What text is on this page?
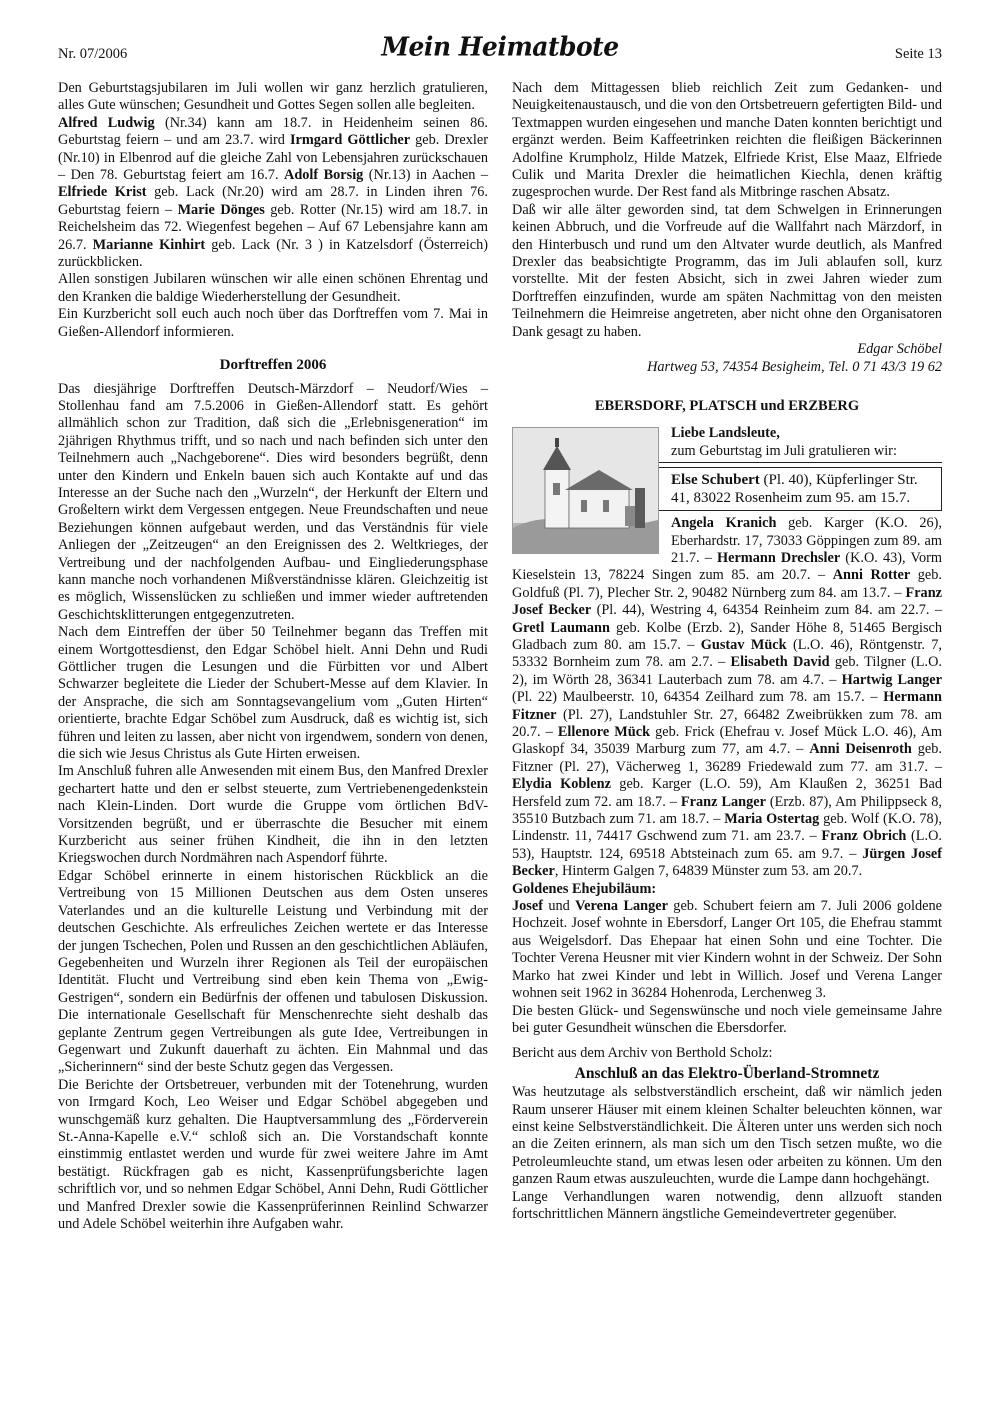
Nr. 07/2006	Mein Heimatbote	Seite 13

Den Geburtstagsjubilaren im Juli wollen wir ganz herzlich gratulieren, alles Gute wünschen; Gesundheit und Gottes Segen sollen alle begleiten.

Alfred Ludwig (Nr.34) kann am 18.7. in Heidenheim seinen 86. Geburtstag feiern – und am 23.7. wird Irmgard Göttlicher geb. Drexler (Nr.10) in Elbenrod auf die gleiche Zahl von Lebensjahren zurückschauen – Den 78. Geburtstag feiert am 16.7. Adolf Borsig (Nr.13) in Aachen – Elfriede Krist geb. Lack (Nr.20) wird am 28.7. in Linden ihren 76. Geburtstag feiern – Marie Dönges geb. Rotter (Nr.15) wird am 18.7. in Reichelsheim das 72. Wiegenfest begehen – Auf 67 Lebensjahre kann am 26.7. Marianne Kinhirt geb. Lack (Nr. 3 ) in Katzelsdorf (Österreich) zurückblicken.

Allen sonstigen Jubilaren wünschen wir alle einen schönen Ehrentag und den Kranken die baldige Wiederherstellung der Gesundheit.

Ein Kurzbericht soll euch auch noch über das Dorftreffen vom 7. Mai in Gießen-Allendorf informieren.

Dorftreffen 2006

Das diesjährige Dorftreffen Deutsch-Märzdorf – Neudorf/Wies – Stollenhau fand am 7.5.2006 in Gießen-Allendorf statt. Es gehört allmählich schon zur Tradition, daß sich die „Erlebnisgeneration“ im 2jährigen Rhythmus trifft, und so nach und nach befinden sich unter den Teilnehmern auch „Nachgeborene“. Dies wird besonders begrüßt, denn unter den Kindern und Enkeln bauen sich auch Kontakte auf und das Interesse an der Suche nach den „Wurzeln“, der Herkunft der Eltern und Großeltern wirkt dem Vergessen entgegen. Neue Freundschaften und neue Beziehungen können aufgebaut werden, und das Verständnis für viele Anliegen der „Zeitzeugen“ an den Ereignissen des 2. Weltkrieges, der Vertreibung und der nachfolgenden Aufbau- und Eingliederungsphase kann manche noch vorhandenen Mißverständnisse klären. Gleichzeitig ist es möglich, Wissenslücken zu schließen und immer wieder auftretenden Geschichtsklitterungen entgegenzutreten.

Nach dem Eintreffen der über 50 Teilnehmer begann das Treffen mit einem Wortgottesdienst, den Edgar Schöbel hielt. Anni Dehn und Rudi Göttlicher trugen die Lesungen und die Fürbitten vor und Albert Schwarzer begleitete die Lieder der Schubert-Messe auf dem Klavier. In der Ansprache, die sich am Sonntagsevangelium vom „Guten Hirten“ orientierte, brachte Edgar Schöbel zum Ausdruck, daß es wichtig ist, sich führen und leiten zu lassen, aber nicht von irgendwem, sondern von denen, die sich wie Jesus Christus als Gute Hirten erweisen.

Im Anschluß fuhren alle Anwesenden mit einem Bus, den Manfred Drexler gechartert hatte und den er selbst steuerte, zum Vertriebenengedenkstein nach Klein-Linden. Dort wurde die Gruppe vom örtlichen BdV-Vorsitzenden begrüßt, und er überraschte die Besucher mit einem Kurzbericht aus seiner frühen Kindheit, die ihn in den letzten Kriegswochen durch Nordmähren nach Aspendorf führte.

Edgar Schöbel erinnerte in einem historischen Rückblick an die Vertreibung von 15 Millionen Deutschen aus dem Osten unseres Vaterlandes und an die kulturelle Leistung und Verbindung mit der deutschen Geschichte. Als erfreuliches Zeichen wertete er das Interesse der jungen Tschechen, Polen und Russen an den geschichtlichen Abläufen, Gegebenheiten und Wurzeln ihrer Regionen als Teil der europäischen Identität. Flucht und Vertreibung sind eben kein Thema von „Ewig-Gestrigen“, sondern ein Bedürfnis der offenen und tabulosen Diskussion. Die internationale Gesellschaft für Menschenrechte sieht deshalb das geplante Zentrum gegen Vertreibungen als gute Idee, Vertreibungen in Gegenwart und Zukunft dauerhaft zu ächten. Ein Mahnmal und das „Sicherinnern“ sind der beste Schutz gegen das Vergessen.

Die Berichte der Ortsbetreuer, verbunden mit der Totenehrung, wurden von Irmgard Koch, Leo Weiser und Edgar Schöbel abgegeben und wunschgemäß kurz gehalten. Die Hauptversammlung des „Förderverein St.-Anna-Kapelle e.V.“ schloß sich an. Die Vorstandschaft konnte einstimmig entlastet werden und wurde für zwei weitere Jahre im Amt bestätigt. Rückfragen gab es nicht, Kassenprüfungsberichte lagen schriftlich vor, und so nehmen Edgar Schöbel, Anni Dehn, Rudi Göttlicher und Manfred Drexler sowie die Kassenprüferinnen Reinlind Schwarzer und Adele Schöbel weiterhin ihre Aufgaben wahr.

Nach dem Mittagessen blieb reichlich Zeit zum Gedanken- und Neuigkeitenaustausch, und die von den Ortsbetreuern gefertigten Bild- und Textmappen wurden eingesehen und manche Daten konnten berichtigt und ergänzt werden. Beim Kaffeetrinken reichten die fleißigen Bäckerinnen Adolfine Krumpholz, Hilde Matzek, Elfriede Krist, Else Maaz, Elfriede Culik und Marita Drexler die heimatlichen Kiechla, denen kräftig zugesprochen wurde. Der Rest fand als Mitbringe raschen Absatz.

Daß wir alle älter geworden sind, tat dem Schwelgen in Erinnerungen keinen Abbruch, und die Vorfreude auf die Wallfahrt nach Märzdorf, in den Hinterbusch und rund um den Altvater wurde deutlich, als Manfred Drexler das beabsichtigte Programm, das im Juli ablaufen soll, kurz vorstellte. Mit der festen Absicht, sich in zwei Jahren wieder zum Dorftreffen einzufinden, wurde am späten Nachmittag von den meisten Teilnehmern die Heimreise angetreten, aber nicht ohne den Organisatoren Dank gesagt zu haben.

Edgar Schöbel

Hartweg 53, 74354 Besigheim, Tel. 0 71 43/3 19 62

EBERSDORF, PLATSCH und ERZBERG

Liebe Landsleute,

zum Geburtstag im Juli gratulieren wir:

Else Schubert (Pl. 40), Küpferlinger Str. 41, 83022 Rosenheim zum 95. am 15.7.

Angela Kranich geb. Karger (K.O. 26), Eberhardstr. 17, 73033 Göppingen zum 89. am 21.7. – Hermann Drechsler (K.O. 43), Vorm Kieselstein 13, 78224 Singen zum 85. am 20.7. – Anni Rotter geb. Goldfuß (Pl. 7), Plecher Str. 2, 90482 Nürnberg zum 84. am 13.7. – Franz Josef Becker (Pl. 44), Westring 4, 64354 Reinheim zum 84. am 22.7. – Gretl Laumann geb. Kolbe (Erzb. 2), Sander Höhe 8, 51465 Bergisch Gladbach zum 80. am 15.7. – Gustav Mück (L.O. 46), Röntgenstr. 7, 53332 Bornheim zum 78. am 2.7. – Elisabeth David geb. Tilgner (L.O. 2), im Wörth 28, 36341 Lauterbach zum 78. am 4.7. – Hartwig Langer (Pl. 22) Maulbeerstr. 10, 64354 Zeilhard zum 78. am 15.7. – Hermann Fitzner (Pl. 27), Landstuhler Str. 27, 66482 Zweibrükken zum 78. am 20.7. – Ellenore Mück geb. Frick (Ehefrau v. Josef Mück L.O. 46), Am Glaskopf 34, 35039 Marburg zum 77, am 4.7. – Anni Deisenroth geb. Fitzner (Pl. 27), Vächerweg 1, 36289 Friedewald zum 77. am 31.7. – Elydia Koblenz geb. Karger (L.O. 59), Am Klaußen 2, 36251 Bad Hersfeld zum 72. am 18.7. – Franz Langer (Erzb. 87), Am Philippseck 8, 35510 Butzbach zum 71. am 18.7. – Maria Ostertag geb. Wolf (K.O. 78), Lindenstr. 11, 74417 Gschwend zum 71. am 23.7. – Franz Obrich (L.O. 53), Hauptstr. 124, 69518 Abtsteinach zum 65. am 9.7. – Jürgen Josef Becker, Hinterm Galgen 7, 64839 Münster zum 53. am 20.7.

Goldenes Ehejubiläum:

Josef und Verena Langer geb. Schubert feiern am 7. Juli 2006 goldene Hochzeit. Josef wohnte in Ebersdorf, Langer Ort 105, die Ehefrau stammt aus Weigelsdorf. Das Ehepaar hat einen Sohn und eine Tochter. Die Tochter Verena Heusner mit vier Kindern wohnt in der Schweiz. Der Sohn Marko hat zwei Kinder und lebt in Willich. Josef und Verena Langer wohnen seit 1962 in 36284 Hohenroda, Lerchenweg 3.

Die besten Glück- und Segenswünsche und noch viele gemeinsame Jahre bei guter Gesundheit wünschen die Ebersdorfer.

Bericht aus dem Archiv von Berthold Scholz:

Anschluß an das Elektro-Überland-Stromnetz

Was heutzutage als selbstverständlich erscheint, daß wir nämlich jeden Raum unserer Häuser mit einem kleinen Schalter beleuchten können, war einst keine Selbstverständlichkeit. Die Älteren unter uns werden sich noch an die Zeiten erinnern, als man sich um den Tisch setzen mußte, wo die Petroleumleuchte stand, um etwas lesen oder arbeiten zu können. Um den ganzen Raum etwas auszuleuchten, wurde die Lampe dann hochgehängt.

Lange Verhandlungen waren notwendig, denn allzuoft standen fortschrittlichen Männern ängstliche Gemeindevertreter gegenüber.
